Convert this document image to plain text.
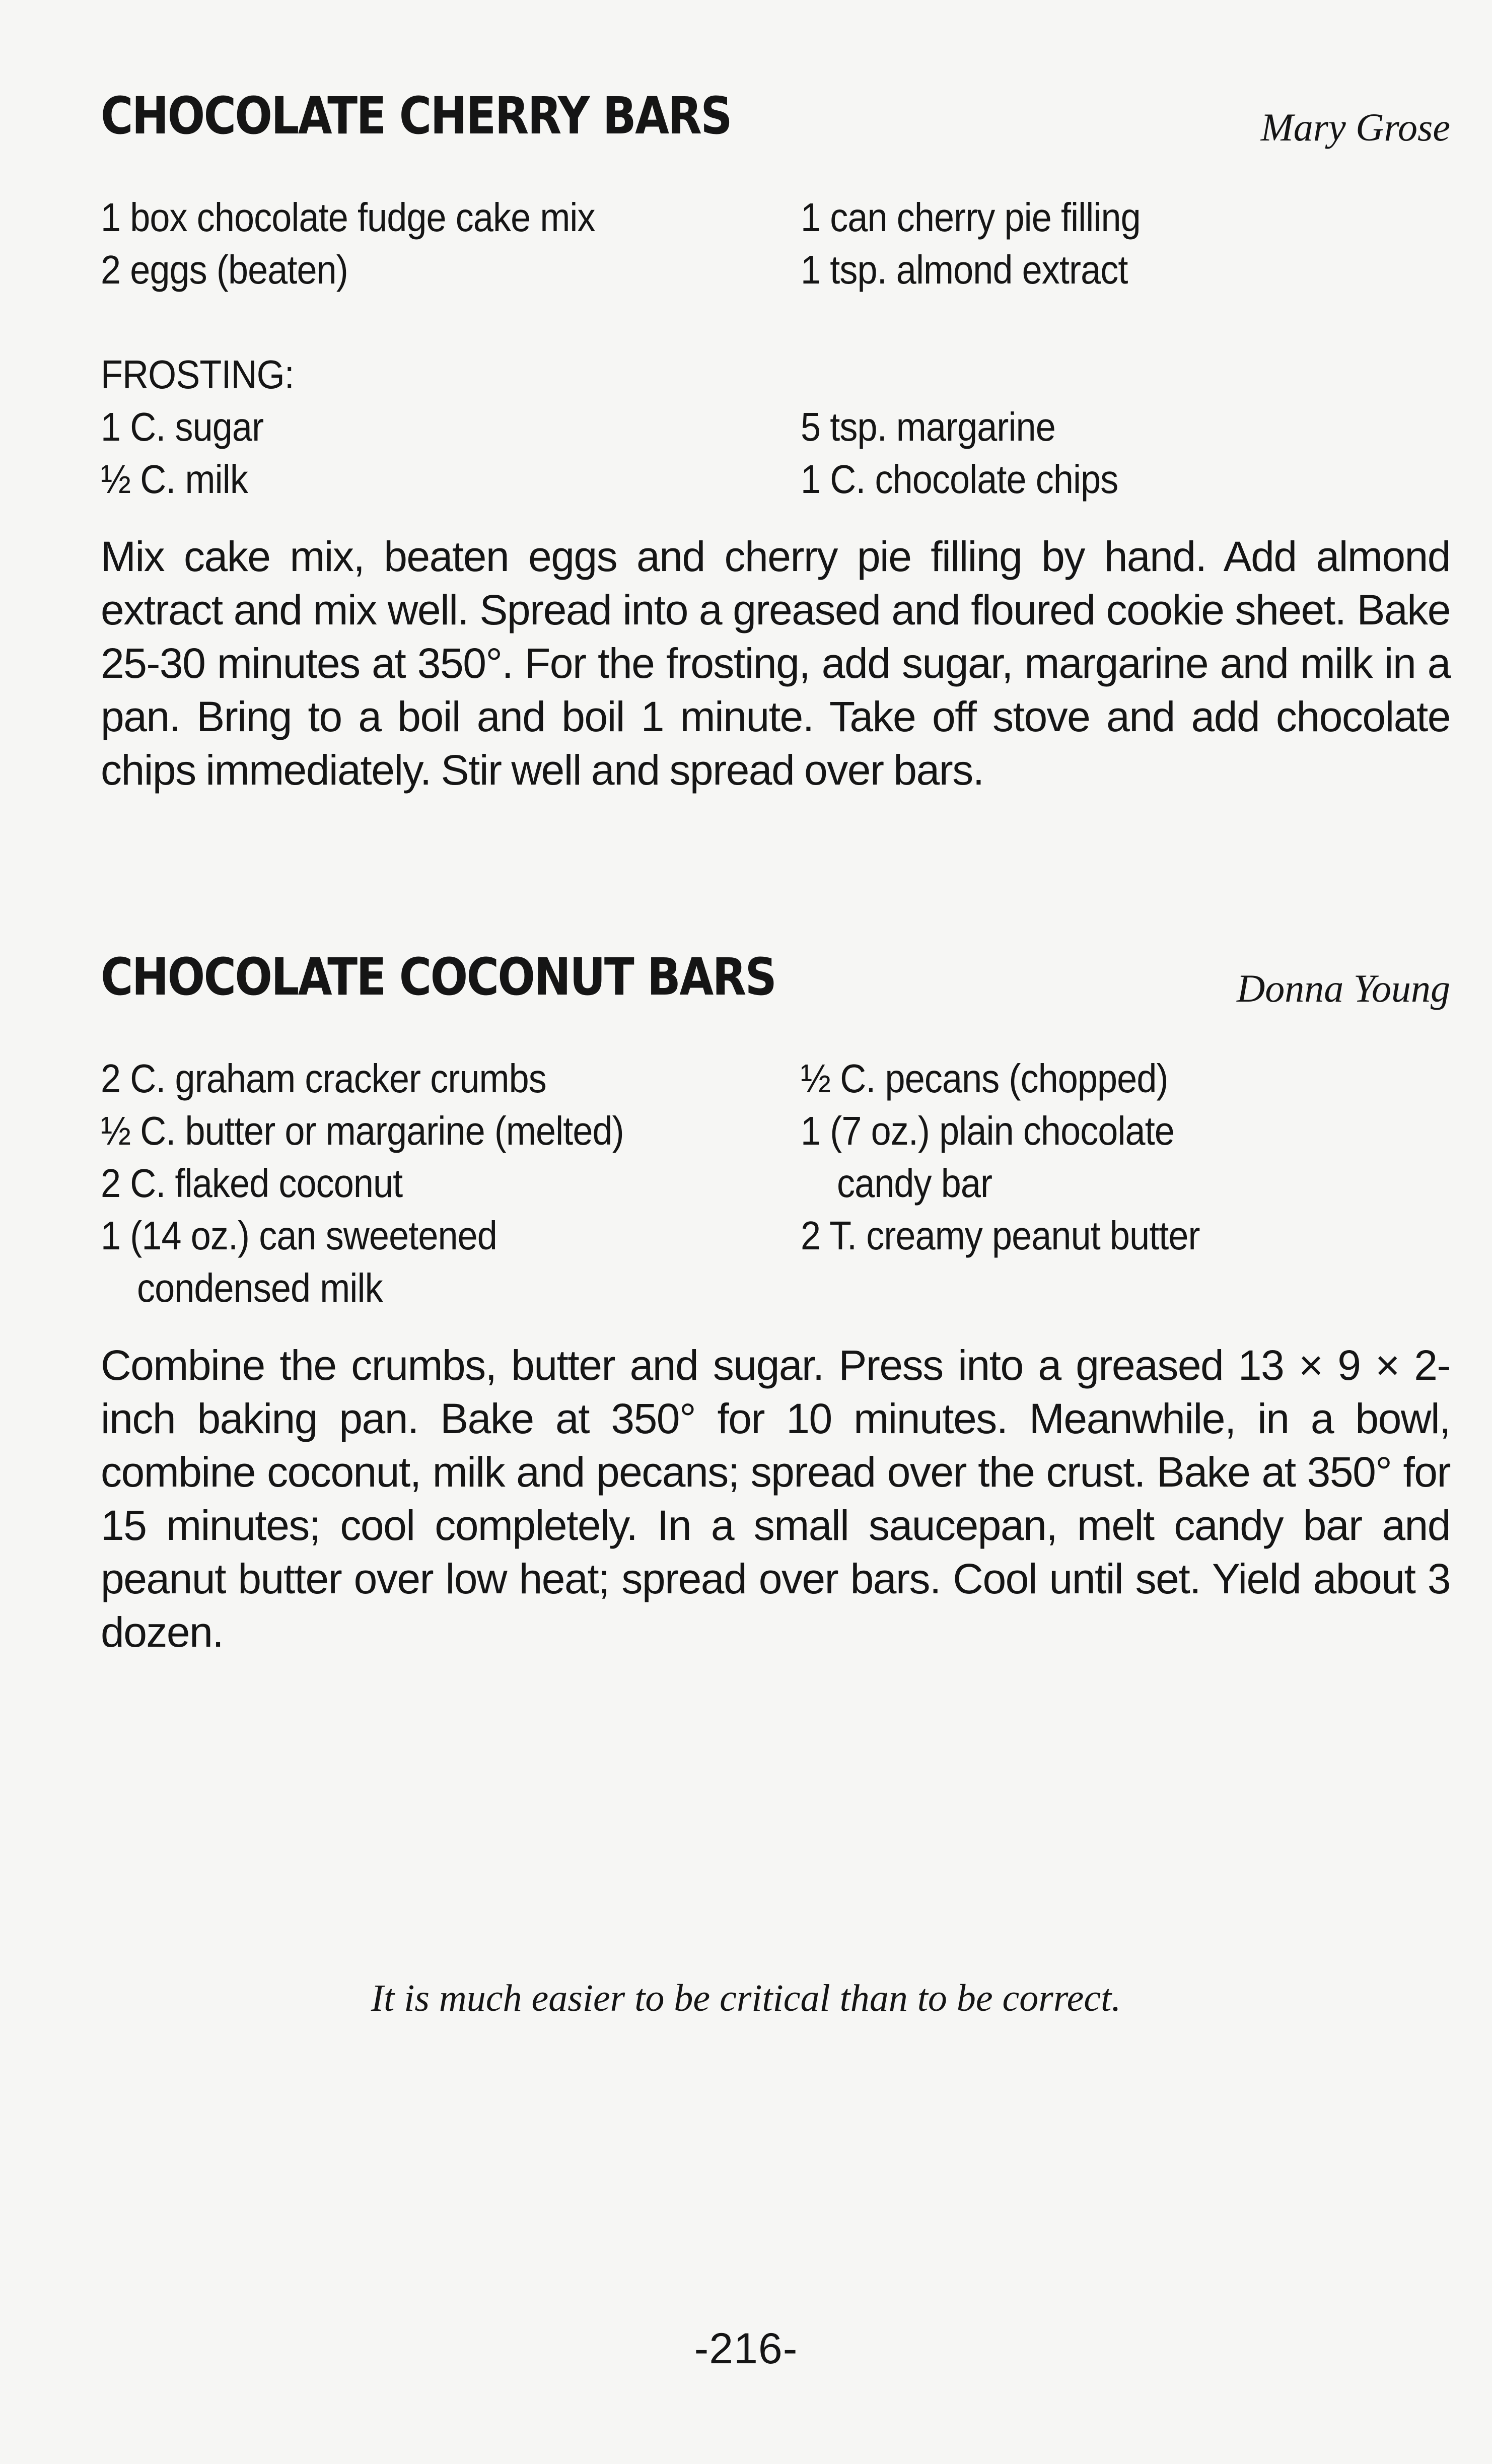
CHOCOLATE CHERRY BARS	Mary Grose
1 box chocolate fudge cake mix
2 eggs (beaten)
FROSTING:
1 C. sugar
½ C. milk
1 can cherry pie filling
1 tsp. almond extract
5 tsp. margarine
1 C. chocolate chips

Mix cake mix, beaten eggs and cherry pie filling by hand. Add almond extract and mix well. Spread into a greased and floured cookie sheet. Bake 25-30 minutes at 350°. For the frosting, add sugar, margarine and milk in a pan. Bring to a boil and boil 1 minute. Take off stove and add chocolate chips immediately. Stir well and spread over bars.

CHOCOLATE COCONUT BARS	Donna Young
2 C. graham cracker crumbs
½ C. butter or margarine (melted)
2 C. flaked coconut
1 (14 oz.) can sweetened
condensed milk
½ C. pecans (chopped)
1 (7 oz.) plain chocolate
candy bar
2 T. creamy peanut butter

Combine the crumbs, butter and sugar. Press into a greased 13 × 9 × 2-inch baking pan. Bake at 350° for 10 minutes. Meanwhile, in a bowl, combine coconut, milk and pecans; spread over the crust. Bake at 350° for 15 minutes; cool completely. In a small saucepan, melt candy bar and peanut butter over low heat; spread over bars. Cool until set. Yield about 3 dozen.

It is much easier to be critical than to be correct.
-216-
